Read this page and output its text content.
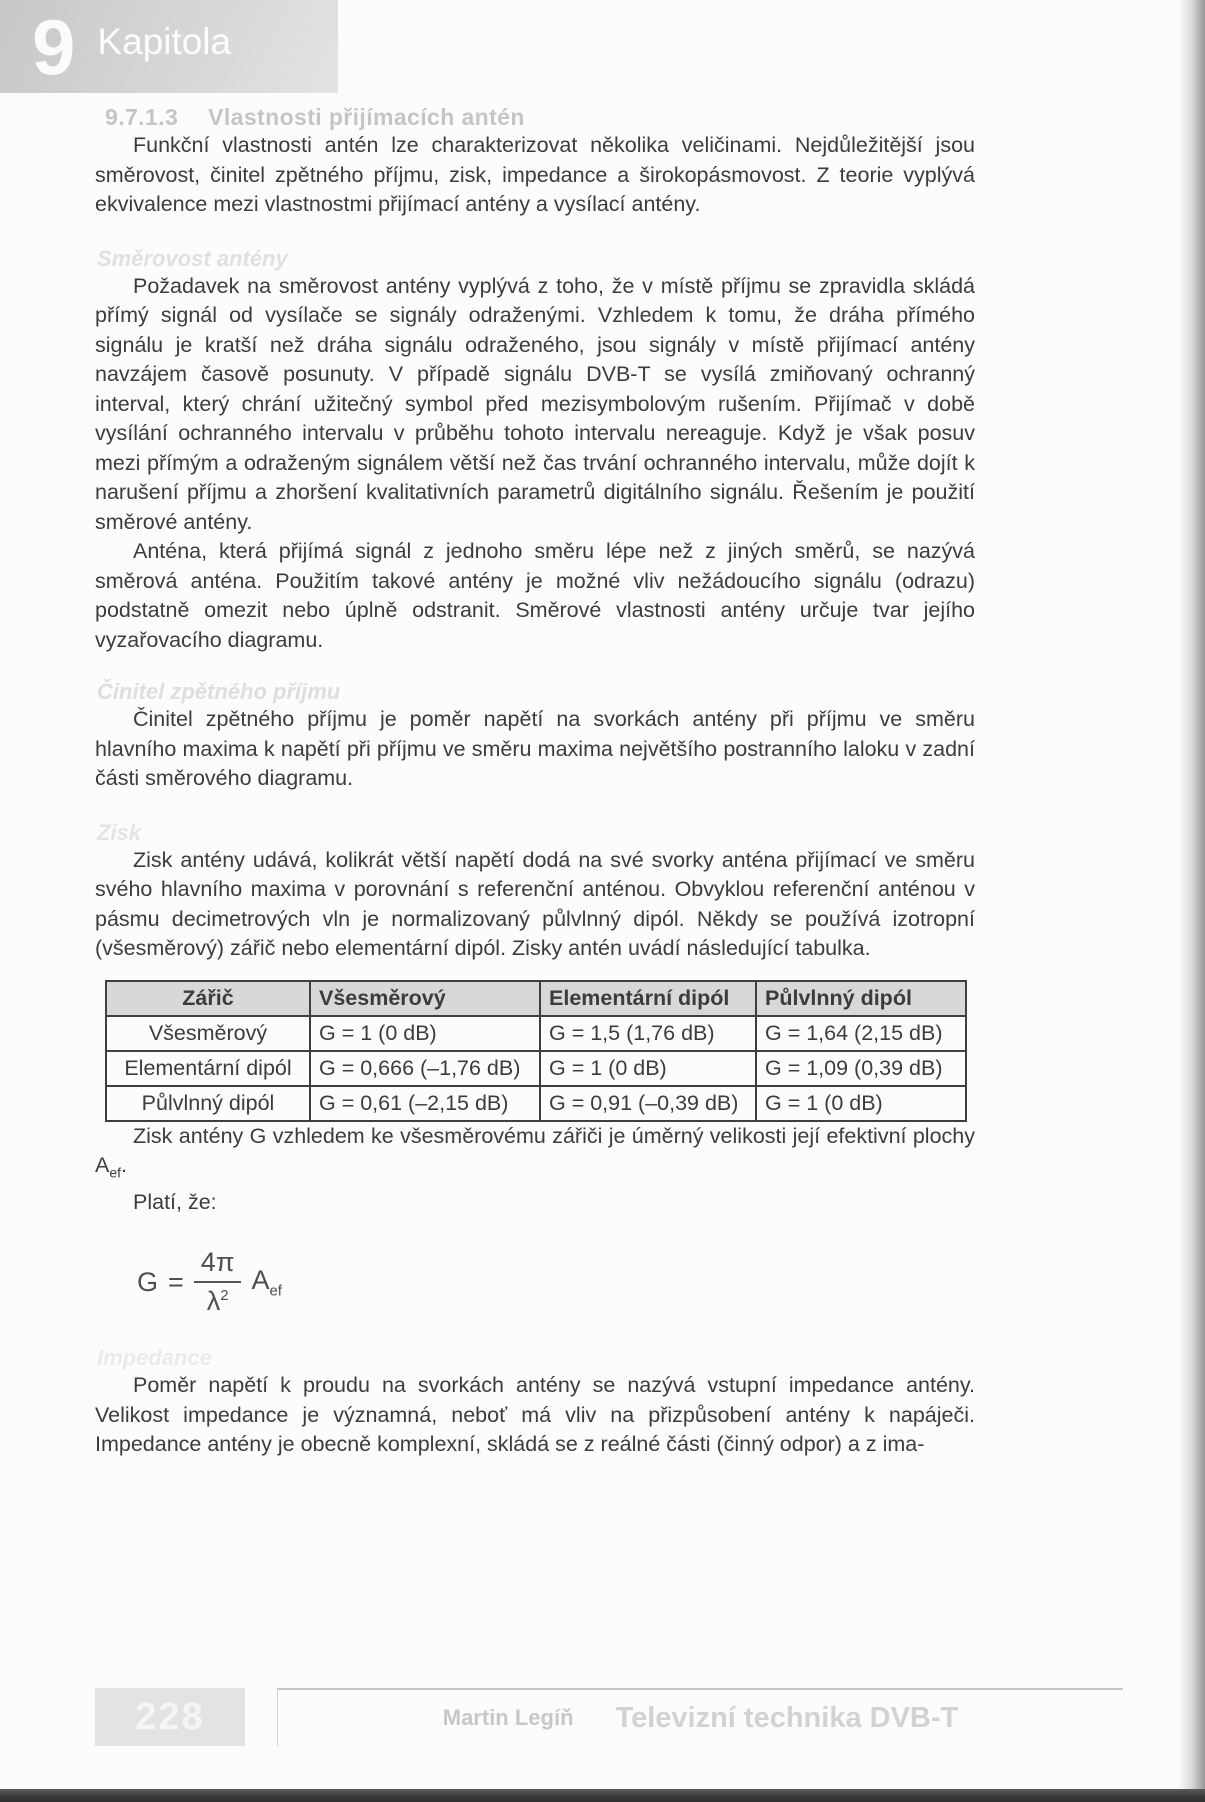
9 Kapitola
9.7.1.3 Vlastnosti přijímacích antén

Funkční vlastnosti antén lze charakterizovat několika veličinami. Nejdůležitější jsou směrovost, činitel zpětného příjmu, zisk, impedance a širokopásmovost. Z teorie vyplývá ekvivalence mezi vlastnostmi přijímací antény a vysílací antény.

Směrovost antény

Požadavek na směrovost antény vyplývá z toho, že v místě příjmu se zpravidla skládá přímý signál od vysílače se signály odraženými. Vzhledem k tomu, že dráha přímého signálu je kratší než dráha signálu odraženého, jsou signály v místě přijímací antény navzájem časově posunuty. V případě signálu DVB-T se vysílá zmiňovaný ochranný interval, který chrání užitečný symbol před mezisymbolovým rušením. Přijímač v době vysílání ochranného intervalu v průběhu tohoto intervalu nereaguje. Když je však posuv mezi přímým a odraženým signálem větší než čas trvání ochranného intervalu, může dojít k narušení příjmu a zhoršení kvalitativních parametrů digitálního signálu. Řešením je použití směrové antény.

Anténa, která přijímá signál z jednoho směru lépe než z jiných směrů, se nazývá směrová anténa. Použitím takové antény je možné vliv nežádoucího signálu (odrazu) podstatně omezit nebo úplně odstranit. Směrové vlastnosti antény určuje tvar jejího vyzařovacího diagramu.

Činitel zpětného příjmu

Činitel zpětného příjmu je poměr napětí na svorkách antény při příjmu ve směru hlavního maxima k napětí při příjmu ve směru maxima největšího postranního laloku v zadní části směrového diagramu.

Zisk

Zisk antény udává, kolikrát větší napětí dodá na své svorky anténa přijímací ve směru svého hlavního maxima v porovnání s referenční anténou. Obvyklou referenční anténou v pásmu decimetrových vln je normalizovaný půlvlnný dipól. Někdy se používá izotropní (všesměrový) zářič nebo elementární dipól. Zisky antén uvádí následující tabulka.

Zářič	Všesměrový	Elementární dipól	Půlvlnný dipól
Všesměrový	G = 1 (0 dB)	G = 1,5 (1,76 dB)	G = 1,64 (2,15 dB)
Elementární dipól	G = 0,666 (–1,76 dB)	G = 1 (0 dB)	G = 1,09 (0,39 dB)
Půlvlnný dipól	G = 0,61 (–2,15 dB)	G = 0,91 (–0,39 dB)	G = 1 (0 dB)

Zisk antény G vzhledem ke všesměrovému zářiči je úměrný velikosti její efektivní plochy $A_{ef}$.

Platí, že:

$G = \frac{4\pi}{\lambda^2} A_{ef}$
Impedance

Poměr napětí k proudu na svorkách antény se nazývá vstupní impedance antény. Velikost impedance je významná, neboť má vliv na přizpůsobení antény k napáječi. Impedance antény je obecně komplexní, skládá se z reálné části (činný odpor) a z ima-

228	Martin Legíň Televizní technika DVB-T
